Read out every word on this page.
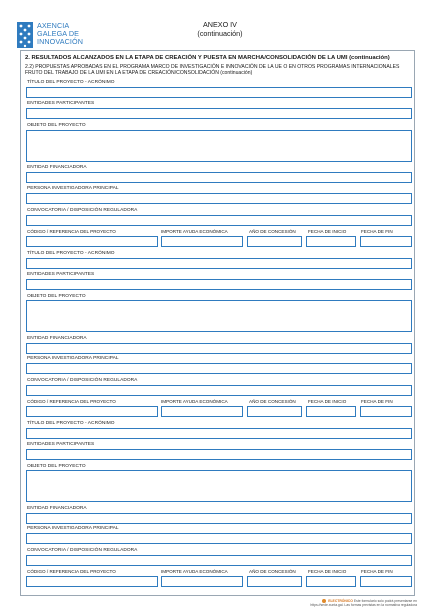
AXENCIA
GALEGA DE
INNOVACIÓN
ANEXO IV
(continuación)
2. RESULTADOS ALCANZADOS EN LA ETAPA DE CREACIÓN Y PUESTA EN MARCHA/CONSOLIDACIÓN DE LA UMI (continuación)
2.2) PROPUESTAS APROBADAS EN EL PROGRAMA MARCO DE INVESTIGACIÓN E INNOVACIÓN DE LA UE O EN OTROS PROGRAMAS INTERNACIONALES
FRUTO DEL TRABAJO DE LA UMI EN LA ETAPA DE CREACIÓN/CONSOLIDACIÓN (continuación)
TÍTULO DEL PROYECTO - ACRÓNIMO
ENTIDADES PARTICIPANTES
OBJETO DEL PROYECTO
ENTIDAD FINANCIADORA
PERSONA INVESTIGADORA PRINCIPAL
CONVOCATORIA / DISPOSICIÓN REGULADORA
CÓDIGO / REFERENCIA DEL PROYECTO	IMPORTE AYUDA ECONÓMICA	AÑO DE CONCESIÓN	FECHA DE INICIO	FECHA DE FIN
TÍTULO DEL PROYECTO - ACRÓNIMO
ENTIDADES PARTICIPANTES
OBJETO DEL PROYECTO
ENTIDAD FINANCIADORA
PERSONA INVESTIGADORA PRINCIPAL
CONVOCATORIA / DISPOSICIÓN REGULADORA
CÓDIGO / REFERENCIA DEL PROYECTO	IMPORTE AYUDA ECONÓMICA	AÑO DE CONCESIÓN	FECHA DE INICIO	FECHA DE FIN
TÍTULO DEL PROYECTO - ACRÓNIMO
ENTIDADES PARTICIPANTES
OBJETO DEL PROYECTO
ENTIDAD FINANCIADORA
PERSONA INVESTIGADORA PRINCIPAL
CONVOCATORIA / DISPOSICIÓN REGULADORA
CÓDIGO / REFERENCIA DEL PROYECTO	IMPORTE AYUDA ECONÓMICA	AÑO DE CONCESIÓN	FECHA DE INICIO	FECHA DE FIN
ELECTRÓNICO Este formulario solo podrá presentarse en
https://sede.xunta.gal. Las formas previstas en la normativa reguladora
